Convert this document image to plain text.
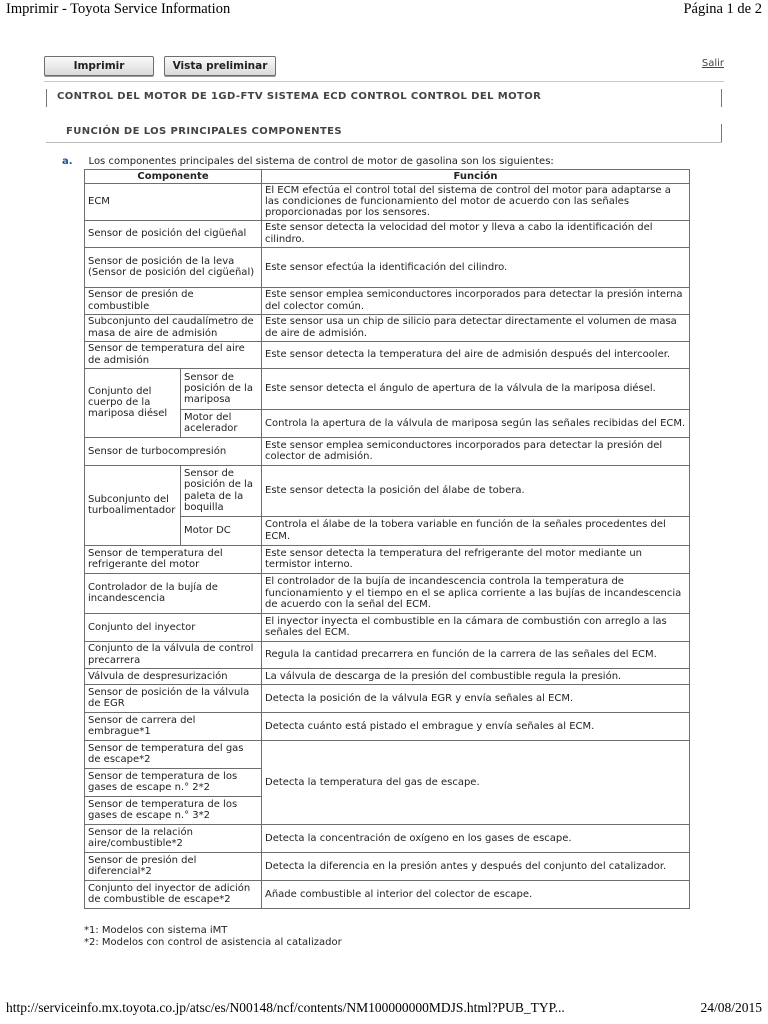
Imprimir - Toyota Service Information	Página 1 de 2
Imprimir	Vista preliminar	Salir
CONTROL DEL MOTOR DE 1GD-FTV SISTEMA ECD CONTROL CONTROL DEL MOTOR
FUNCIÓN DE LOS PRINCIPALES COMPONENTES
a. Los componentes principales del sistema de control de motor de gasolina son los siguientes:
Componente		Función
ECM		El ECM efectúa el control total del sistema de control del motor para adaptarse a las condiciones de funcionamiento del motor de acuerdo con las señales proporcionadas por los sensores.
Sensor de posición del cigüeñal		Este sensor detecta la velocidad del motor y lleva a cabo la identificación del cilindro.
Sensor de posición de la leva (Sensor de posición del cigüeñal)		Este sensor efectúa la identificación del cilindro.
Sensor de presión de combustible		Este sensor emplea semiconductores incorporados para detectar la presión interna del colector común.
Subconjunto del caudalímetro de masa de aire de admisión		Este sensor usa un chip de silicio para detectar directamente el volumen de masa de aire de admisión.
Sensor de temperatura del aire de admisión		Este sensor detecta la temperatura del aire de admisión después del intercooler.
Conjunto del cuerpo de la mariposa diésel	Sensor de posición de la mariposa	Este sensor detecta el ángulo de apertura de la válvula de la mariposa diésel.
	Motor del acelerador	Controla la apertura de la válvula de mariposa según las señales recibidas del ECM.
Sensor de turbocompresión		Este sensor emplea semiconductores incorporados para detectar la presión del colector de admisión.
Subconjunto del turboalimentador	Sensor de posición de la paleta de la boquilla	Este sensor detecta la posición del álabe de tobera.
	Motor DC	Controla el álabe de la tobera variable en función de la señales procedentes del ECM.
Sensor de temperatura del refrigerante del motor		Este sensor detecta la temperatura del refrigerante del motor mediante un termistor interno.
Controlador de la bujía de incandescencia		El controlador de la bujía de incandescencia controla la temperatura de funcionamiento y el tiempo en el se aplica corriente a las bujías de incandescencia de acuerdo con la señal del ECM.
Conjunto del inyector		El inyector inyecta el combustible en la cámara de combustión con arreglo a las señales del ECM.
Conjunto de la válvula de control precarrera		Regula la cantidad precarrera en función de la carrera de las señales del ECM.
Válvula de despresurización		La válvula de descarga de la presión del combustible regula la presión.
Sensor de posición de la válvula de EGR		Detecta la posición de la válvula EGR y envía señales al ECM.
Sensor de carrera del embrague*1		Detecta cuánto está pistado el embrague y envía señales al ECM.
Sensor de temperatura del gas de escape*2		Detecta la temperatura del gas de escape.
Sensor de temperatura de los gases de escape n.° 2*2		
Sensor de temperatura de los gases de escape n.° 3*2		
Sensor de la relación aire/combustible*2		Detecta la concentración de oxígeno en los gases de escape.
Sensor de presión del diferencial*2		Detecta la diferencia en la presión antes y después del conjunto del catalizador.
Conjunto del inyector de adición de combustible de escape*2		Añade combustible al interior del colector de escape.
*1: Modelos con sistema iMT
*2: Modelos con control de asistencia al catalizador
http://serviceinfo.mx.toyota.co.jp/atsc/es/N00148/ncf/contents/NM100000000MDJS.html?PUB_TYP...	24/08/2015
